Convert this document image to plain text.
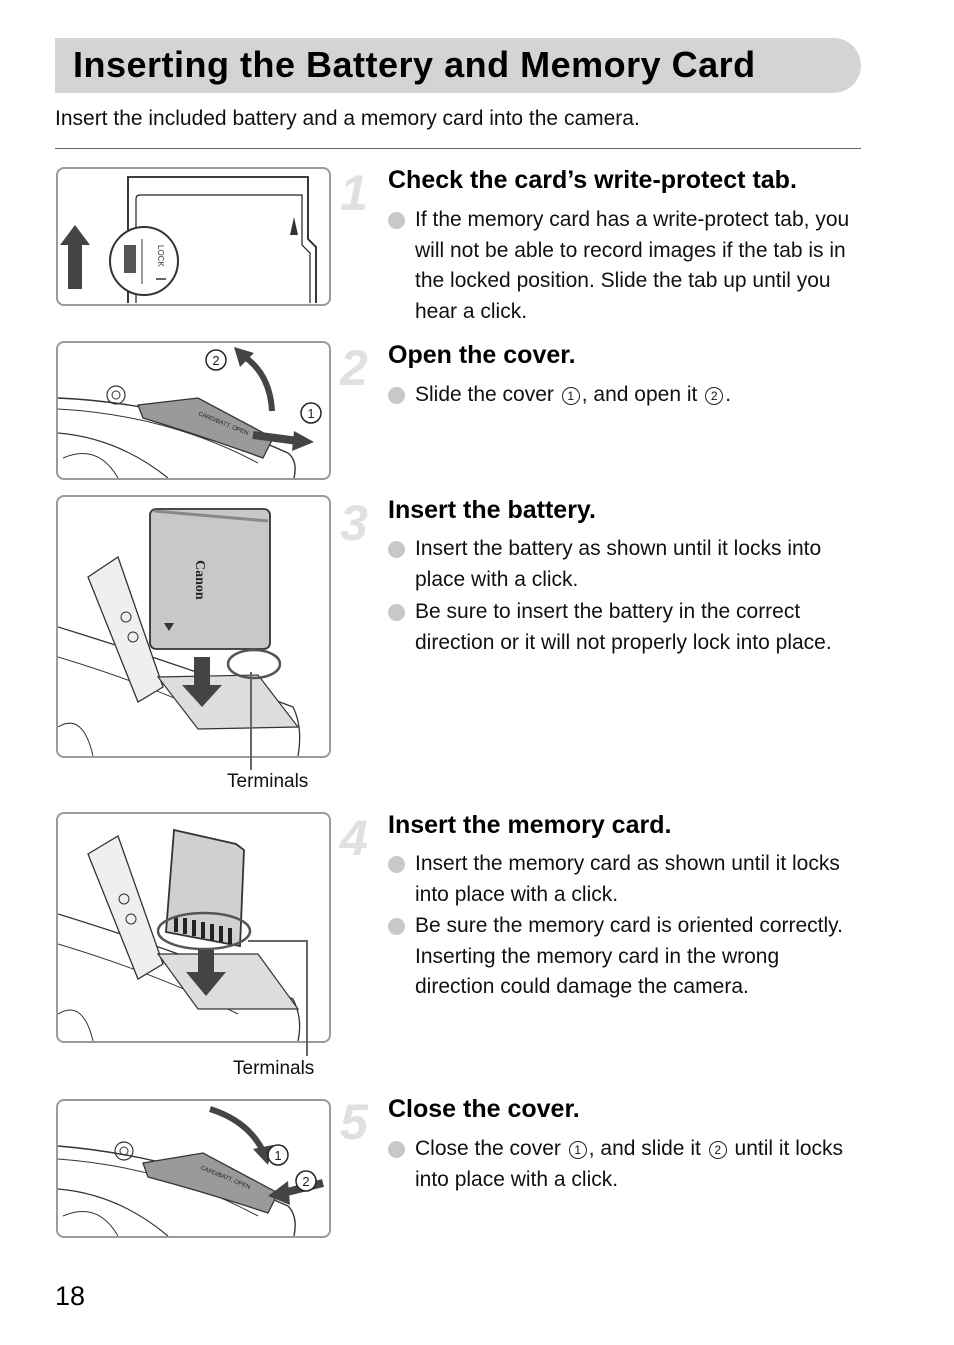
Inserting the Battery and Memory Card
Insert the included battery and a memory card into the camera.
LOCK
CARD/BATT. OPEN
2
1
Canon
Terminals
Terminals
CARD/BATT. OPEN
1
2
1 Check the card’s write-protect tab.
If the memory card has a write-protect tab, you will not be able to record images if the tab is in the locked position. Slide the tab up until you hear a click.
2 Open the cover.
Slide the cover 1 , and open it 2 .
3 Insert the battery.
Insert the battery as shown until it locks into place with a click.
Be sure to insert the battery in the correct direction or it will not properly lock into place.
4 Insert the memory card.
Insert the memory card as shown until it locks into place with a click.
Be sure the memory card is oriented correctly. Inserting the memory card in the wrong direction could damage the camera.
5 Close the cover.
Close the cover 1 , and slide it 2 until it locks into place with a click.
18
